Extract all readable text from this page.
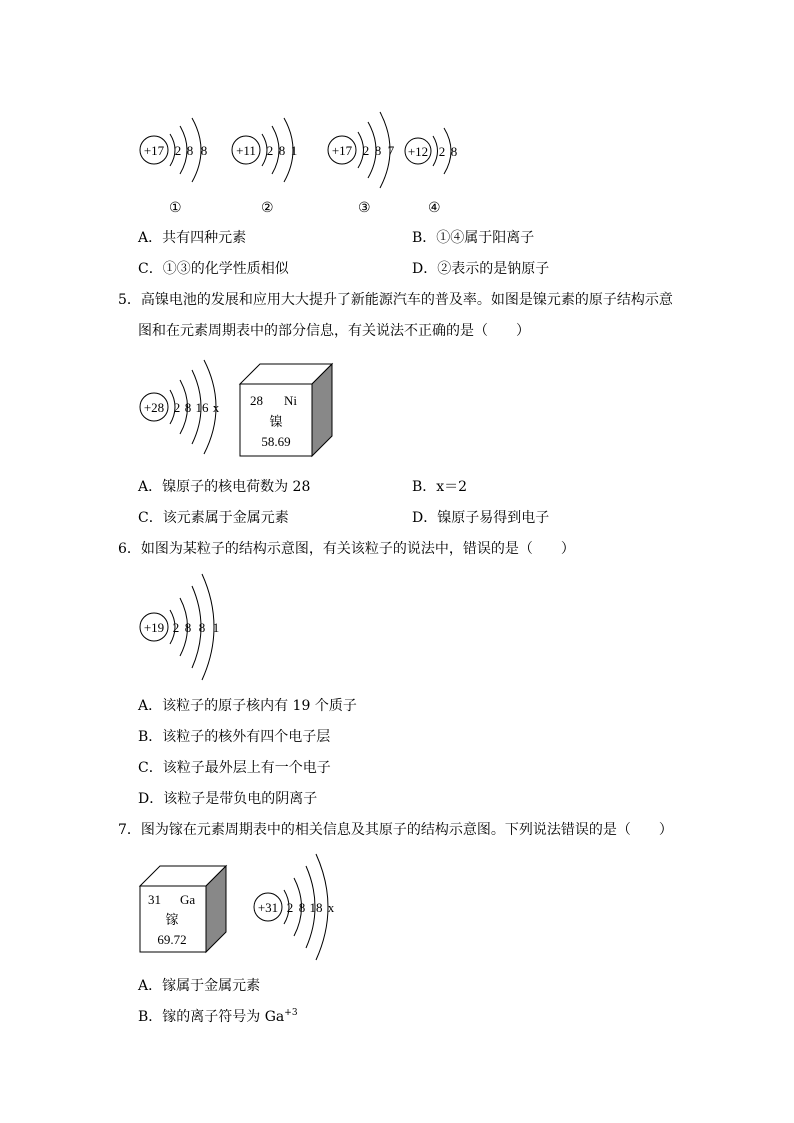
+17 2 8 8
①
+11 2 8 1
②
+17 2 8 7
③
+12 2 8
④
A．共有四种元素	B．①④属于阳离子
C．①③的化学性质相似	D．②表示的是钠原子
5．高镍电池的发展和应用大大提升了新能源汽车的普及率。如图是镍元素的原子结构示意
图和在元素周期表中的部分信息，有关说法不正确的是（　　）
+28 2 8 16 x 28 Ni
镍
58.69
A．镍原子的核电荷数为 28	B．x＝2
C．该元素属于金属元素	D．镍原子易得到电子
6．如图为某粒子的结构示意图，有关该粒子的说法中，错误的是（　　）
+19 2 8 8 1
A．该粒子的原子核内有 19 个质子
B．该粒子的核外有四个电子层
C．该粒子最外层上有一个电子
D．该粒子是带负电的阴离子
7．图为镓在元素周期表中的相关信息及其原子的结构示意图。下列说法错误的是（　　）
31 Ga
镓
69.72
+31 2 8 18 x
A．镓属于金属元素
B．镓的离子符号为 $Ga^{+3}$
